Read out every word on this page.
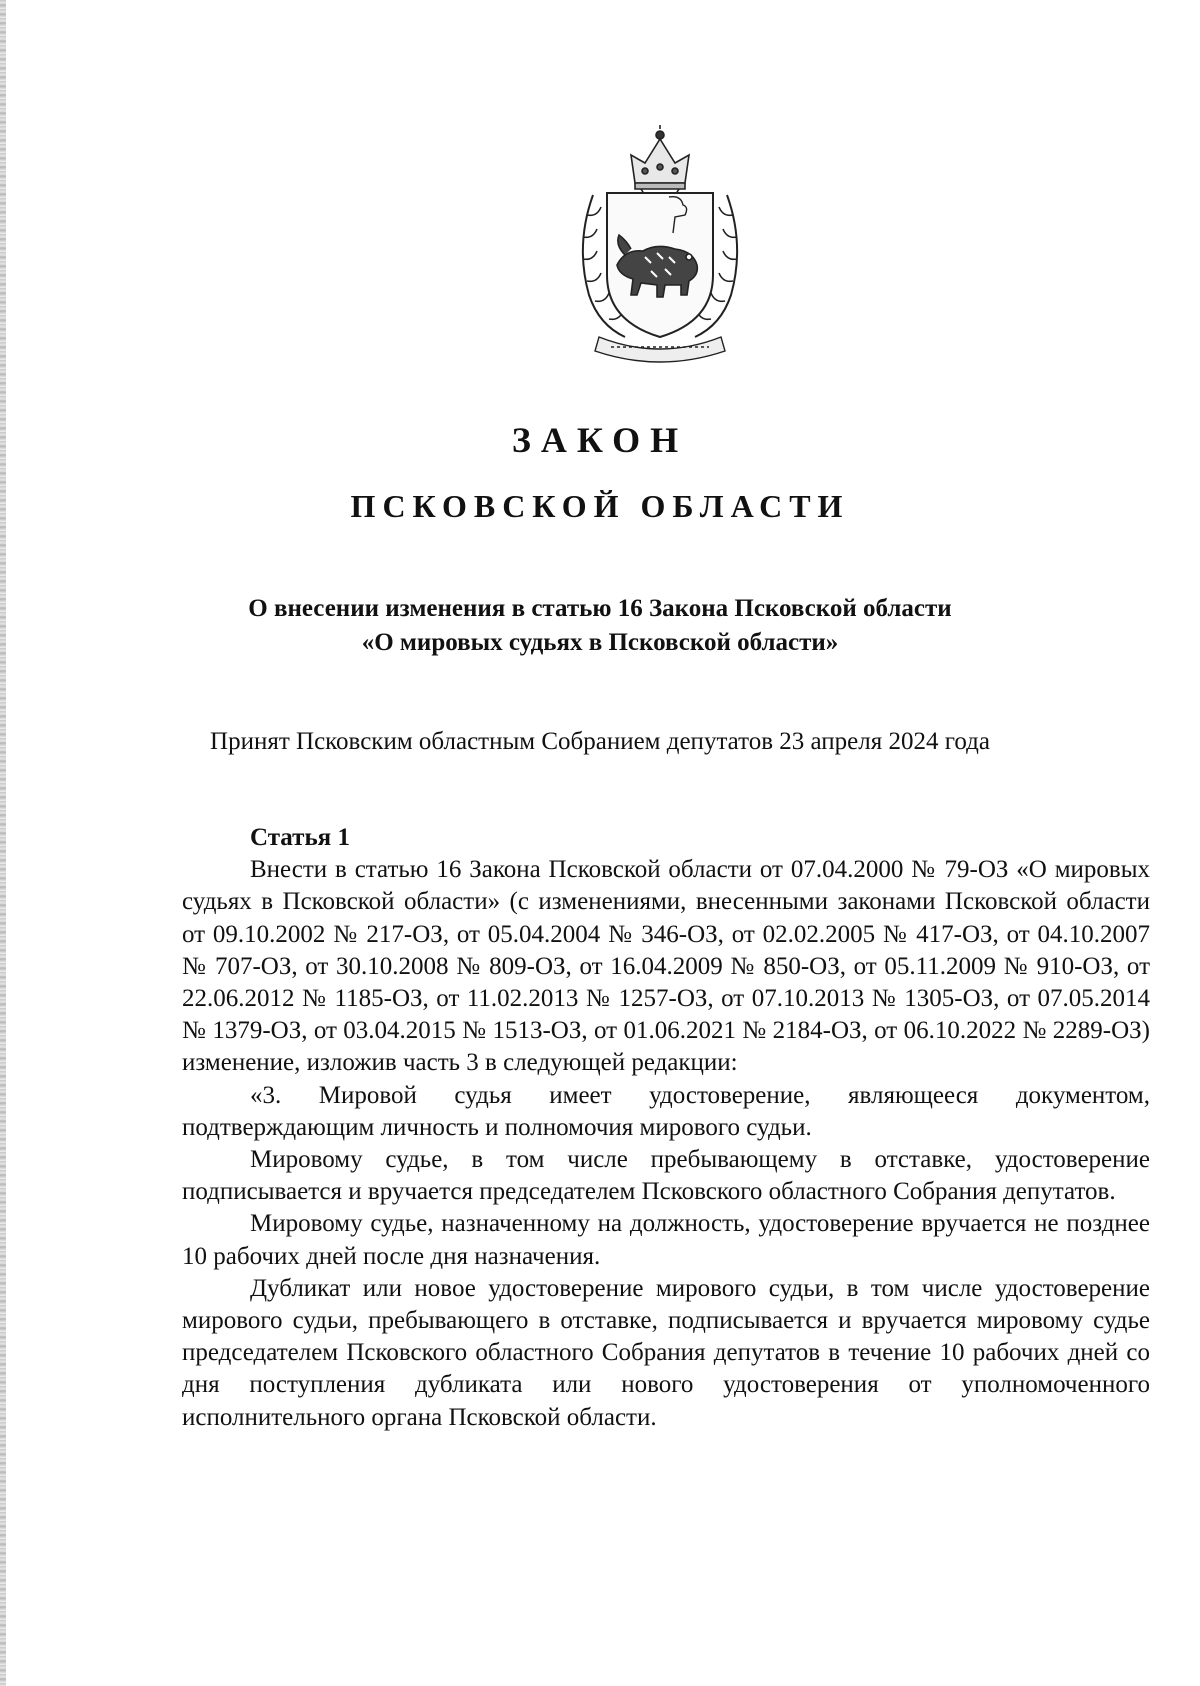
ЗАКОН
ПСКОВСКОЙ ОБЛАСТИ
О внесении изменения в статью 16 Закона Псковской области
«О мировых судьях в Псковской области»
Принят Псковским областным Собранием депутатов 23 апреля 2024 года
Статья 1

Внести в статью 16 Закона Псковской области от 07.04.2000 № 79-ОЗ «О мировых судьях в Псковской области» (с изменениями, внесенными законами Псковской области от 09.10.2002 № 217-ОЗ, от 05.04.2004 № 346-ОЗ, от 02.02.2005 № 417-ОЗ, от 04.10.2007 № 707-ОЗ, от 30.10.2008 № 809-ОЗ, от 16.04.2009 № 850-ОЗ, от 05.11.2009 № 910-ОЗ, от 22.06.2012 № 1185-ОЗ, от 11.02.2013 № 1257-ОЗ, от 07.10.2013 № 1305-ОЗ, от 07.05.2014 № 1379-ОЗ, от 03.04.2015 № 1513-ОЗ, от 01.06.2021 № 2184-ОЗ, от 06.10.2022 № 2289-ОЗ) изменение, изложив часть 3 в следующей редакции:

«3. Мировой судья имеет удостоверение, являющееся документом, подтверждающим личность и полномочия мирового судьи.

Мировому судье, в том числе пребывающему в отставке, удостоверение подписывается и вручается председателем Псковского областного Собрания депутатов.

Мировому судье, назначенному на должность, удостоверение вручается не позднее 10 рабочих дней после дня назначения.

Дубликат или новое удостоверение мирового судьи, в том числе удостоверение мирового судьи, пребывающего в отставке, подписывается и вручается мировому судье председателем Псковского областного Собрания депутатов в течение 10 рабочих дней со дня поступления дубликата или нового удостоверения от уполномоченного исполнительного органа Псковской области.
